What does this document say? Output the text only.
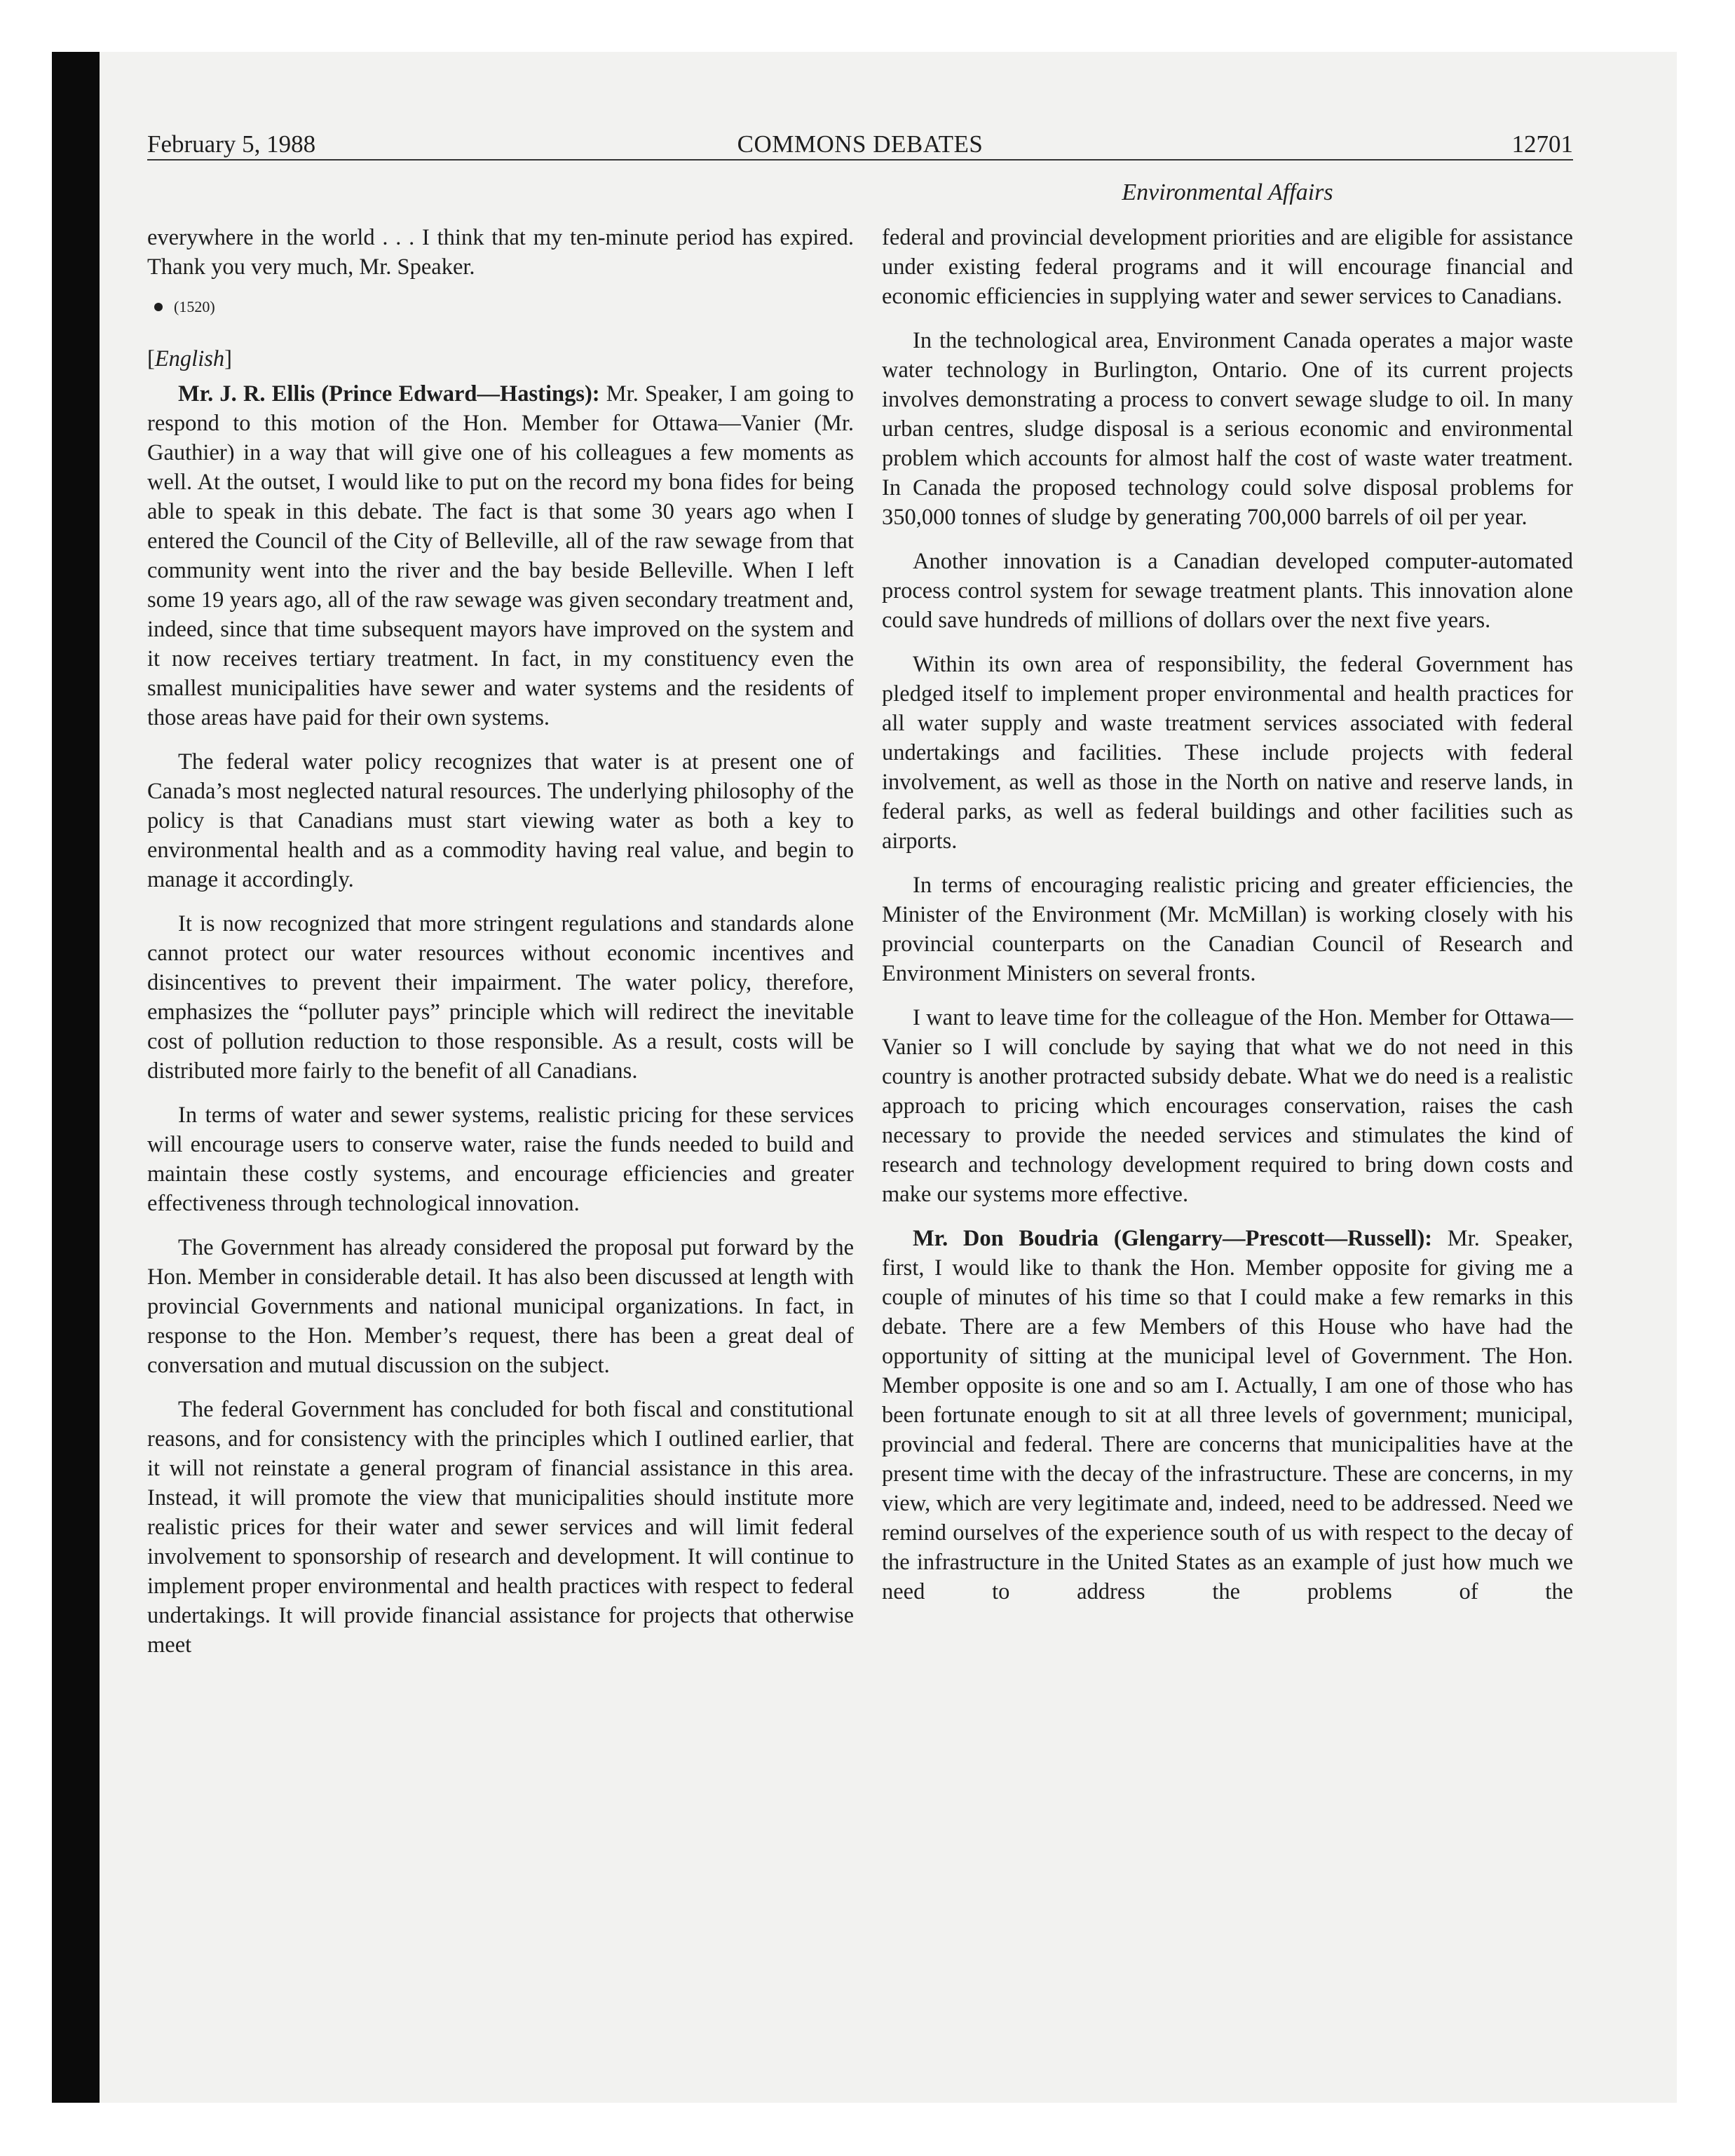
February 5, 1988	COMMONS DEBATES	12701
Environmental Affairs

everywhere in the world . . . I think that my ten-minute period has expired. Thank you very much, Mr. Speaker.

(1520)

[English]

Mr. J. R. Ellis (Prince Edward—Hastings): Mr. Speaker, I am going to respond to this motion of the Hon. Member for Ottawa—Vanier (Mr. Gauthier) in a way that will give one of his colleagues a few moments as well. At the outset, I would like to put on the record my bona fides for being able to speak in this debate. The fact is that some 30 years ago when I entered the Council of the City of Belleville, all of the raw sewage from that community went into the river and the bay beside Belleville. When I left some 19 years ago, all of the raw sewage was given secondary treatment and, indeed, since that time subsequent mayors have improved on the system and it now receives tertiary treatment. In fact, in my constituency even the smallest municipalities have sewer and water systems and the residents of those areas have paid for their own systems.

The federal water policy recognizes that water is at present one of Canada’s most neglected natural resources. The underlying philosophy of the policy is that Canadians must start viewing water as both a key to environmental health and as a commodity having real value, and begin to manage it accordingly.

It is now recognized that more stringent regulations and standards alone cannot protect our water resources without economic incentives and disincentives to prevent their impairment. The water policy, therefore, emphasizes the “polluter pays” principle which will redirect the inevitable cost of pollution reduction to those responsible. As a result, costs will be distributed more fairly to the benefit of all Canadians.

In terms of water and sewer systems, realistic pricing for these services will encourage users to conserve water, raise the funds needed to build and maintain these costly systems, and encourage efficiencies and greater effectiveness through technological innovation.

The Government has already considered the proposal put forward by the Hon. Member in considerable detail. It has also been discussed at length with provincial Governments and national municipal organizations. In fact, in response to the Hon. Member’s request, there has been a great deal of conversation and mutual discussion on the subject.

The federal Government has concluded for both fiscal and constitutional reasons, and for consistency with the principles which I outlined earlier, that it will not reinstate a general program of financial assistance in this area. Instead, it will promote the view that municipalities should institute more realistic prices for their water and sewer services and will limit federal involvement to sponsorship of research and development. It will continue to implement proper environmental and health practices with respect to federal undertakings. It will provide financial assistance for projects that otherwise meet

federal and provincial development priorities and are eligible for assistance under existing federal programs and it will encourage financial and economic efficiencies in supplying water and sewer services to Canadians.

In the technological area, Environment Canada operates a major waste water technology in Burlington, Ontario. One of its current projects involves demonstrating a process to convert sewage sludge to oil. In many urban centres, sludge disposal is a serious economic and environmental problem which accounts for almost half the cost of waste water treatment. In Canada the proposed technology could solve disposal problems for 350,000 tonnes of sludge by generating 700,000 barrels of oil per year.

Another innovation is a Canadian developed computer-automated process control system for sewage treatment plants. This innovation alone could save hundreds of millions of dollars over the next five years.

Within its own area of responsibility, the federal Government has pledged itself to implement proper environmental and health practices for all water supply and waste treatment services associated with federal undertakings and facilities. These include projects with federal involvement, as well as those in the North on native and reserve lands, in federal parks, as well as federal buildings and other facilities such as airports.

In terms of encouraging realistic pricing and greater efficiencies, the Minister of the Environment (Mr. McMillan) is working closely with his provincial counterparts on the Canadian Council of Research and Environment Ministers on several fronts.

I want to leave time for the colleague of the Hon. Member for Ottawa—Vanier so I will conclude by saying that what we do not need in this country is another protracted subsidy debate. What we do need is a realistic approach to pricing which encourages conservation, raises the cash necessary to provide the needed services and stimulates the kind of research and technology development required to bring down costs and make our systems more effective.

Mr. Don Boudria (Glengarry—Prescott—Russell): Mr. Speaker, first, I would like to thank the Hon. Member opposite for giving me a couple of minutes of his time so that I could make a few remarks in this debate. There are a few Members of this House who have had the opportunity of sitting at the municipal level of Government. The Hon. Member opposite is one and so am I. Actually, I am one of those who has been fortunate enough to sit at all three levels of government; municipal, provincial and federal. There are concerns that municipalities have at the present time with the decay of the infrastructure. These are concerns, in my view, which are very legitimate and, indeed, need to be addressed. Need we remind ourselves of the experience south of us with respect to the decay of the infrastructure in the United States as an example of just how much we need to address the problems of the
